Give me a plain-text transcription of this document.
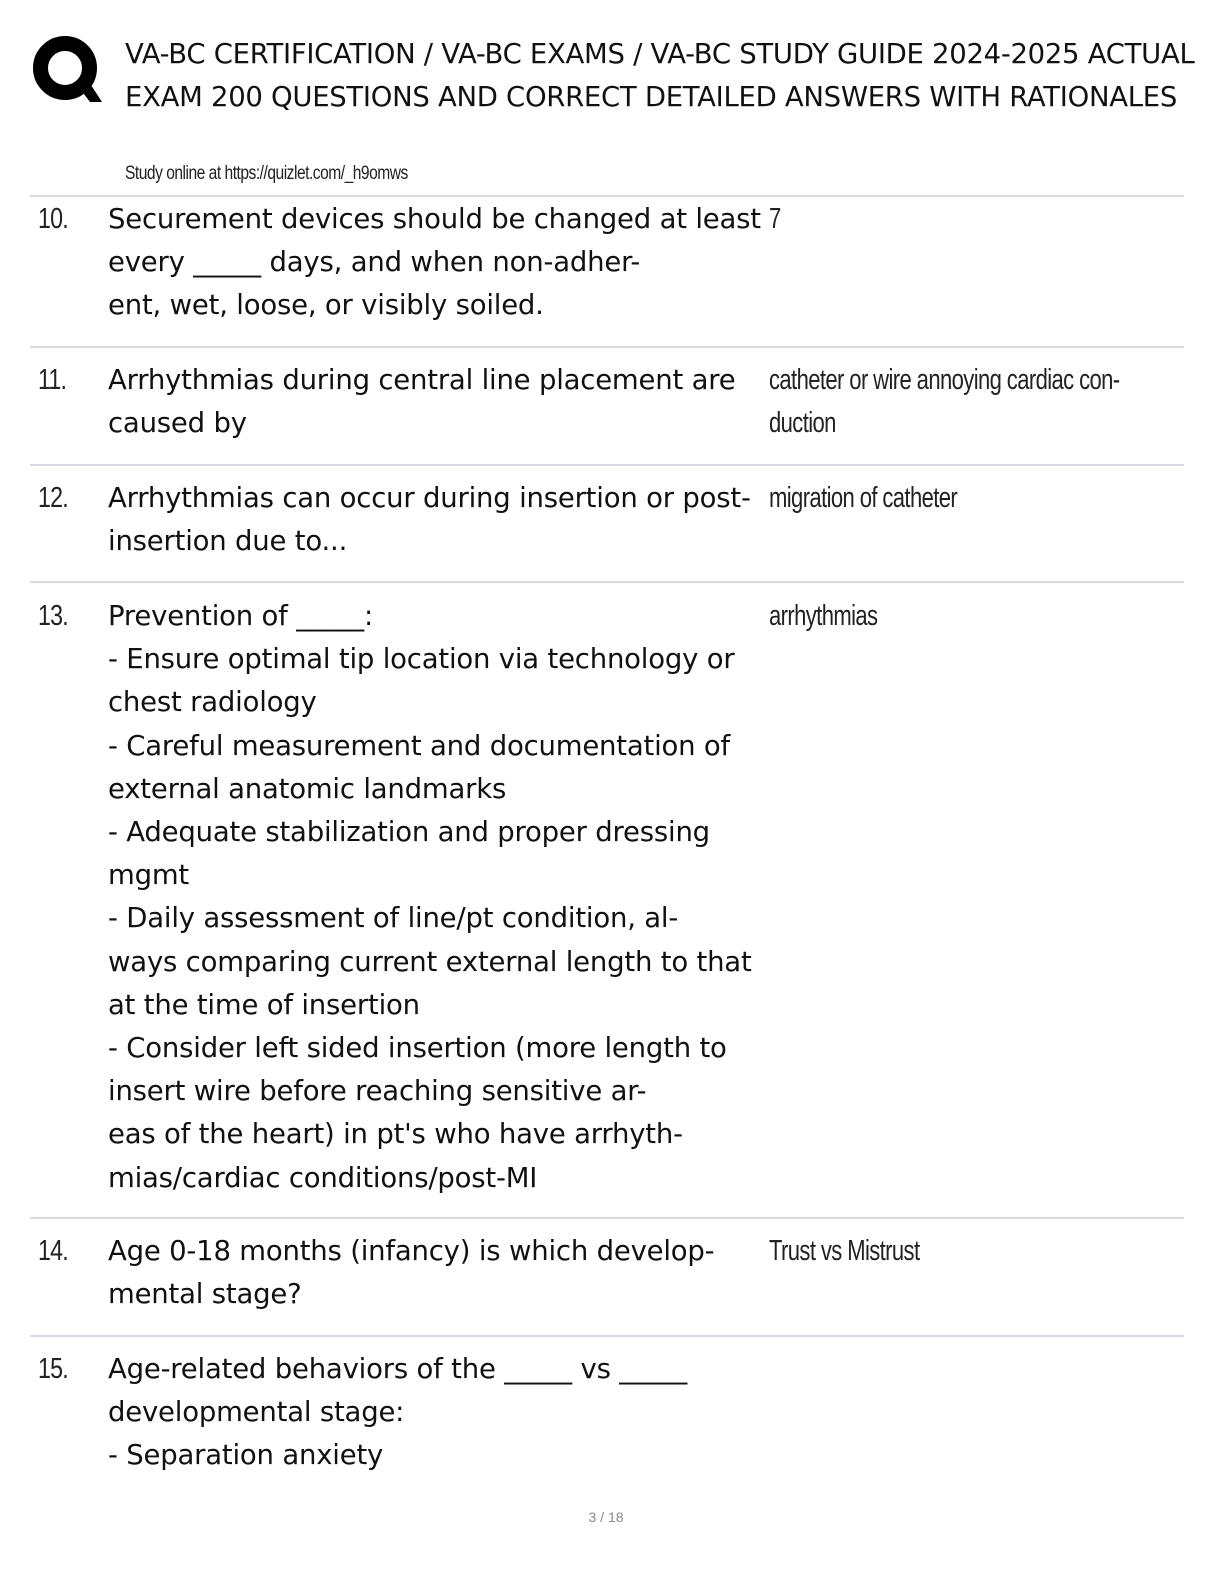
VA-BC CERTIFICATION / VA-BC EXAMS / VA-BC STUDY GUIDE 2024-2025 ACTUAL EXAM 200 QUESTIONS AND CORRECT DETAILED ANSWERS WITH RATIONALES
Study online at https://quizlet.com/_h9omws
10. Securement devices should be changed at least every _____ days, and when non-adher-
ent, wet, loose, or visibly soiled.
7
11. Arrhythmias during central line placement are caused by
catheter or wire annoying cardiac con-
duction
12. Arrhythmias can occur during insertion or post-insertion due to...
migration of catheter
13. Prevention of _____:
- Ensure optimal tip location via technology or chest radiology
- Careful measurement and documentation of external anatomic landmarks
- Adequate stabilization and proper dressing mgmt
- Daily assessment of line/pt condition, al-
ways comparing current external length to that at the time of insertion
- Consider left sided insertion (more length to insert wire before reaching sensitive ar-
eas of the heart) in pt's who have arrhyth-
mias/cardiac conditions/post-MI
arrhythmias
14. Age 0-18 months (infancy) is which develop-
mental stage?
Trust vs Mistrust
15. Age-related behaviors of the _____ vs _____ developmental stage:
- Separation anxiety
3 / 18
